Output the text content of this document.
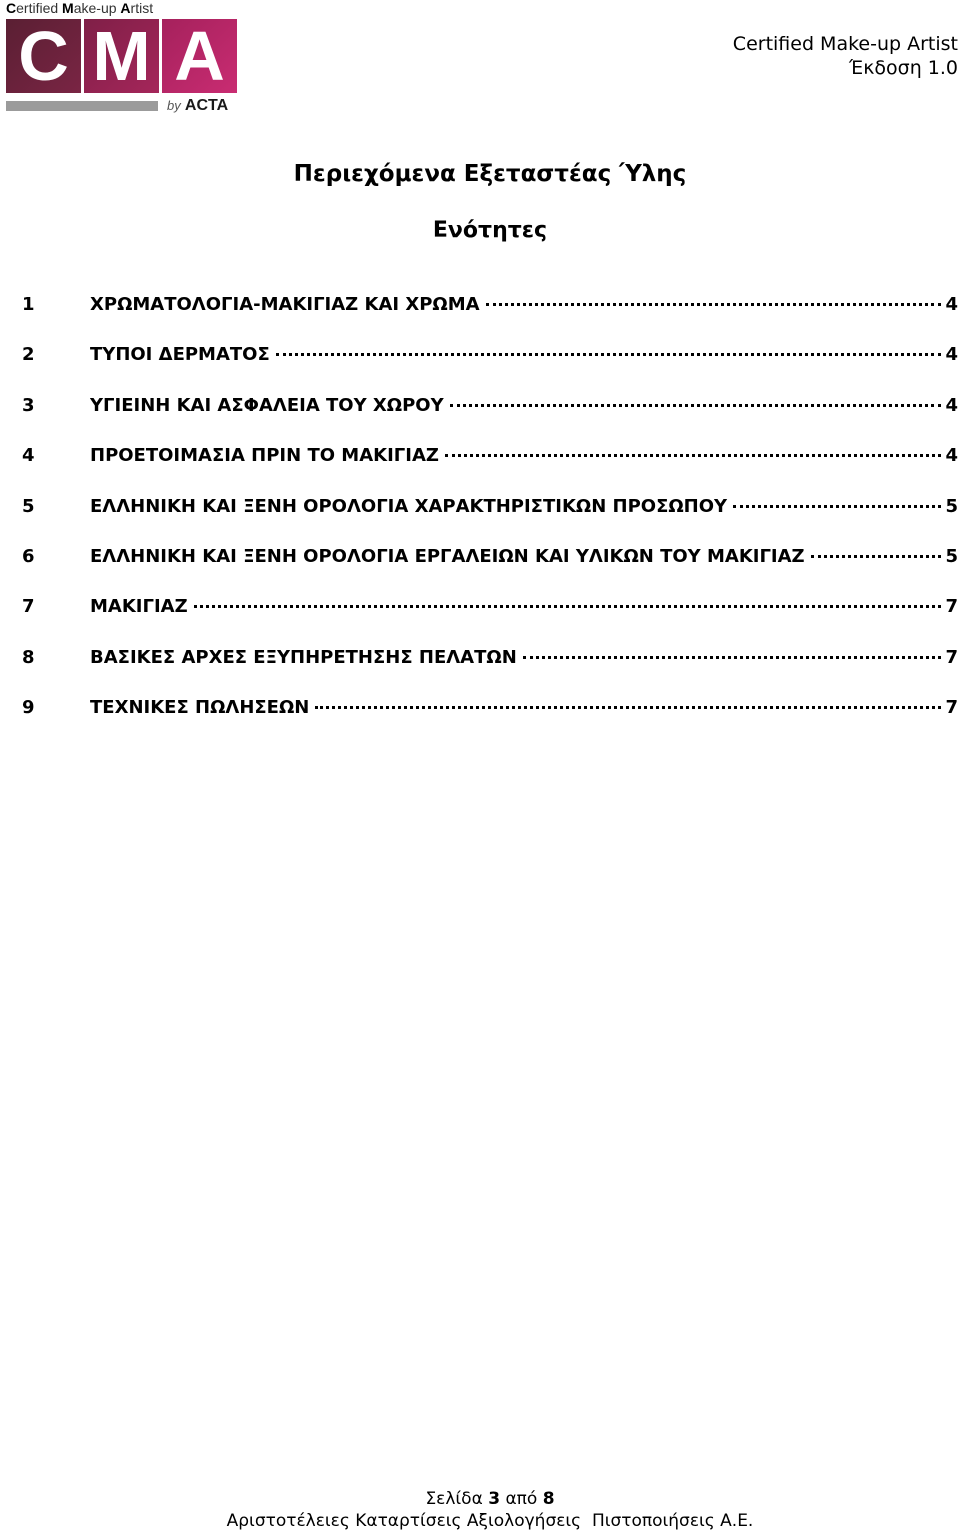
Certified Make-up Artist
C M A
by ACTA
Certified Make-up Artist
Έκδοση 1.0
Περιεχόμενα Εξεταστέας Ύλης
Ενότητες
1	ΧΡΩΜΑΤΟΛΟΓΙΑ-ΜΑΚΙΓΙΑΖ ΚΑΙ ΧΡΩΜΑ	4
2	ΤΥΠΟΙ ΔΕΡΜΑΤΟΣ	4
3	ΥΓΙΕΙΝΗ ΚΑΙ ΑΣΦΑΛΕΙΑ ΤΟΥ ΧΩΡΟΥ	4
4	ΠΡΟΕΤΟΙΜΑΣΙΑ ΠΡΙΝ ΤΟ ΜΑΚΙΓΙΑΖ	4
5	ΕΛΛΗΝΙΚΗ ΚΑΙ ΞΕΝΗ ΟΡΟΛΟΓΙΑ ΧΑΡΑΚΤΗΡΙΣΤΙΚΩΝ ΠΡΟΣΩΠΟΥ	5
6	ΕΛΛΗΝΙΚΗ ΚΑΙ ΞΕΝΗ ΟΡΟΛΟΓΙΑ ΕΡΓΑΛΕΙΩΝ ΚΑΙ ΥΛΙΚΩΝ ΤΟΥ ΜΑΚΙΓΙΑΖ	5
7	ΜΑΚΙΓΙΑΖ	7
8	ΒΑΣΙΚΕΣ ΑΡΧΕΣ ΕΞΥΠΗΡΕΤΗΣΗΣ ΠΕΛΑΤΩΝ	7
9	ΤΕΧΝΙΚΕΣ ΠΩΛΗΣΕΩΝ	7
Σελίδα 3 από 8
Αριστοτέλειες Καταρτίσεις Αξιολογήσεις  Πιστοποιήσεις Α.Ε.
